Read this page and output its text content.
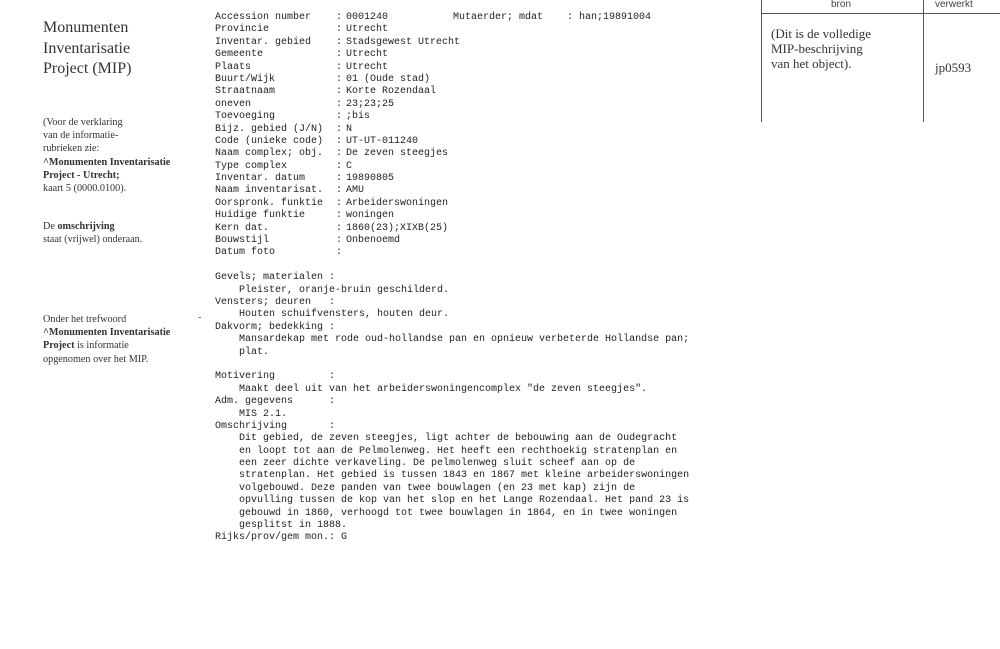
Monumenten
Inventarisatie
Project (MIP)

(Voor de verklaring

van de informatie-

rubrieken zie:

^Monumenten Inventarisatie

Project - Utrecht;

kaart 5 (0000.0100).

De omschrijving

staat (vrijwel) onderaan.

Onder het trefwoord

^Monumenten Inventarisatie

Project is informatie

opgenomen over het MIP.

-
Mutaerder; mdat    : han;19891004
Accession number : 0001240
Provincie	: Utrecht
Inventar. gebied : Stadsgewest Utrecht
Gemeente	: Utrecht
Plaats	: Utrecht
Buurt/Wijk	: 01 (Oude stad)
Straatnaam	: Korte Rozendaal
oneven	: 23;23;25
Toevoeging	: ;bis
Bijz. gebied (J/N) : N
Code (unieke code) : UT-UT-011240
Naam complex; obj. : De zeven steegjes
Type complex	: C
Inventar. datum	: 19890805
Naam inventarisat. : AMU
Oorspronk. funktie : Arbeiderswoningen
Huidige funktie	: woningen
Kern dat.	: 1860(23);XIXB(25)
Bouwstijl	: Onbenoemd
Datum foto	:
Gevels; materialen :
Pleister, oranje-bruin geschilderd.
Vensters; deuren   :
Houten schuifvensters, houten deur.
Dakvorm; bedekking :
Mansardekap met rode oud-hollandse pan en opnieuw verbeterde Hollandse pan;
plat.
Motivering         :
Maakt deel uit van het arbeiderswoningencomplex "de zeven steegjes".
Adm. gegevens      :
MIS 2.1.
Omschrijving       :
Dit gebied, de zeven steegjes, ligt achter de bebouwing aan de Oudegracht
en loopt tot aan de Pelmolenweg. Het heeft een rechthoekig stratenplan en
een zeer dichte verkaveling. De pelmolenweg sluit scheef aan op de
stratenplan. Het gebied is tussen 1843 en 1867 met kleine arbeiderswoningen
volgebouwd. Deze panden van twee bouwlagen (en 23 met kap) zijn de
opvulling tussen de kop van het slop en het Lange Rozendaal. Het pand 23 is
gebouwd in 1860, verhoogd tot twee bouwlagen in 1864, en in twee woningen
gesplitst in 1888.
Rijks/prov/gem mon.: G
bron	verwerkt
(Dit is de volledige
MIP-beschrijving
van het object).	jp0593
